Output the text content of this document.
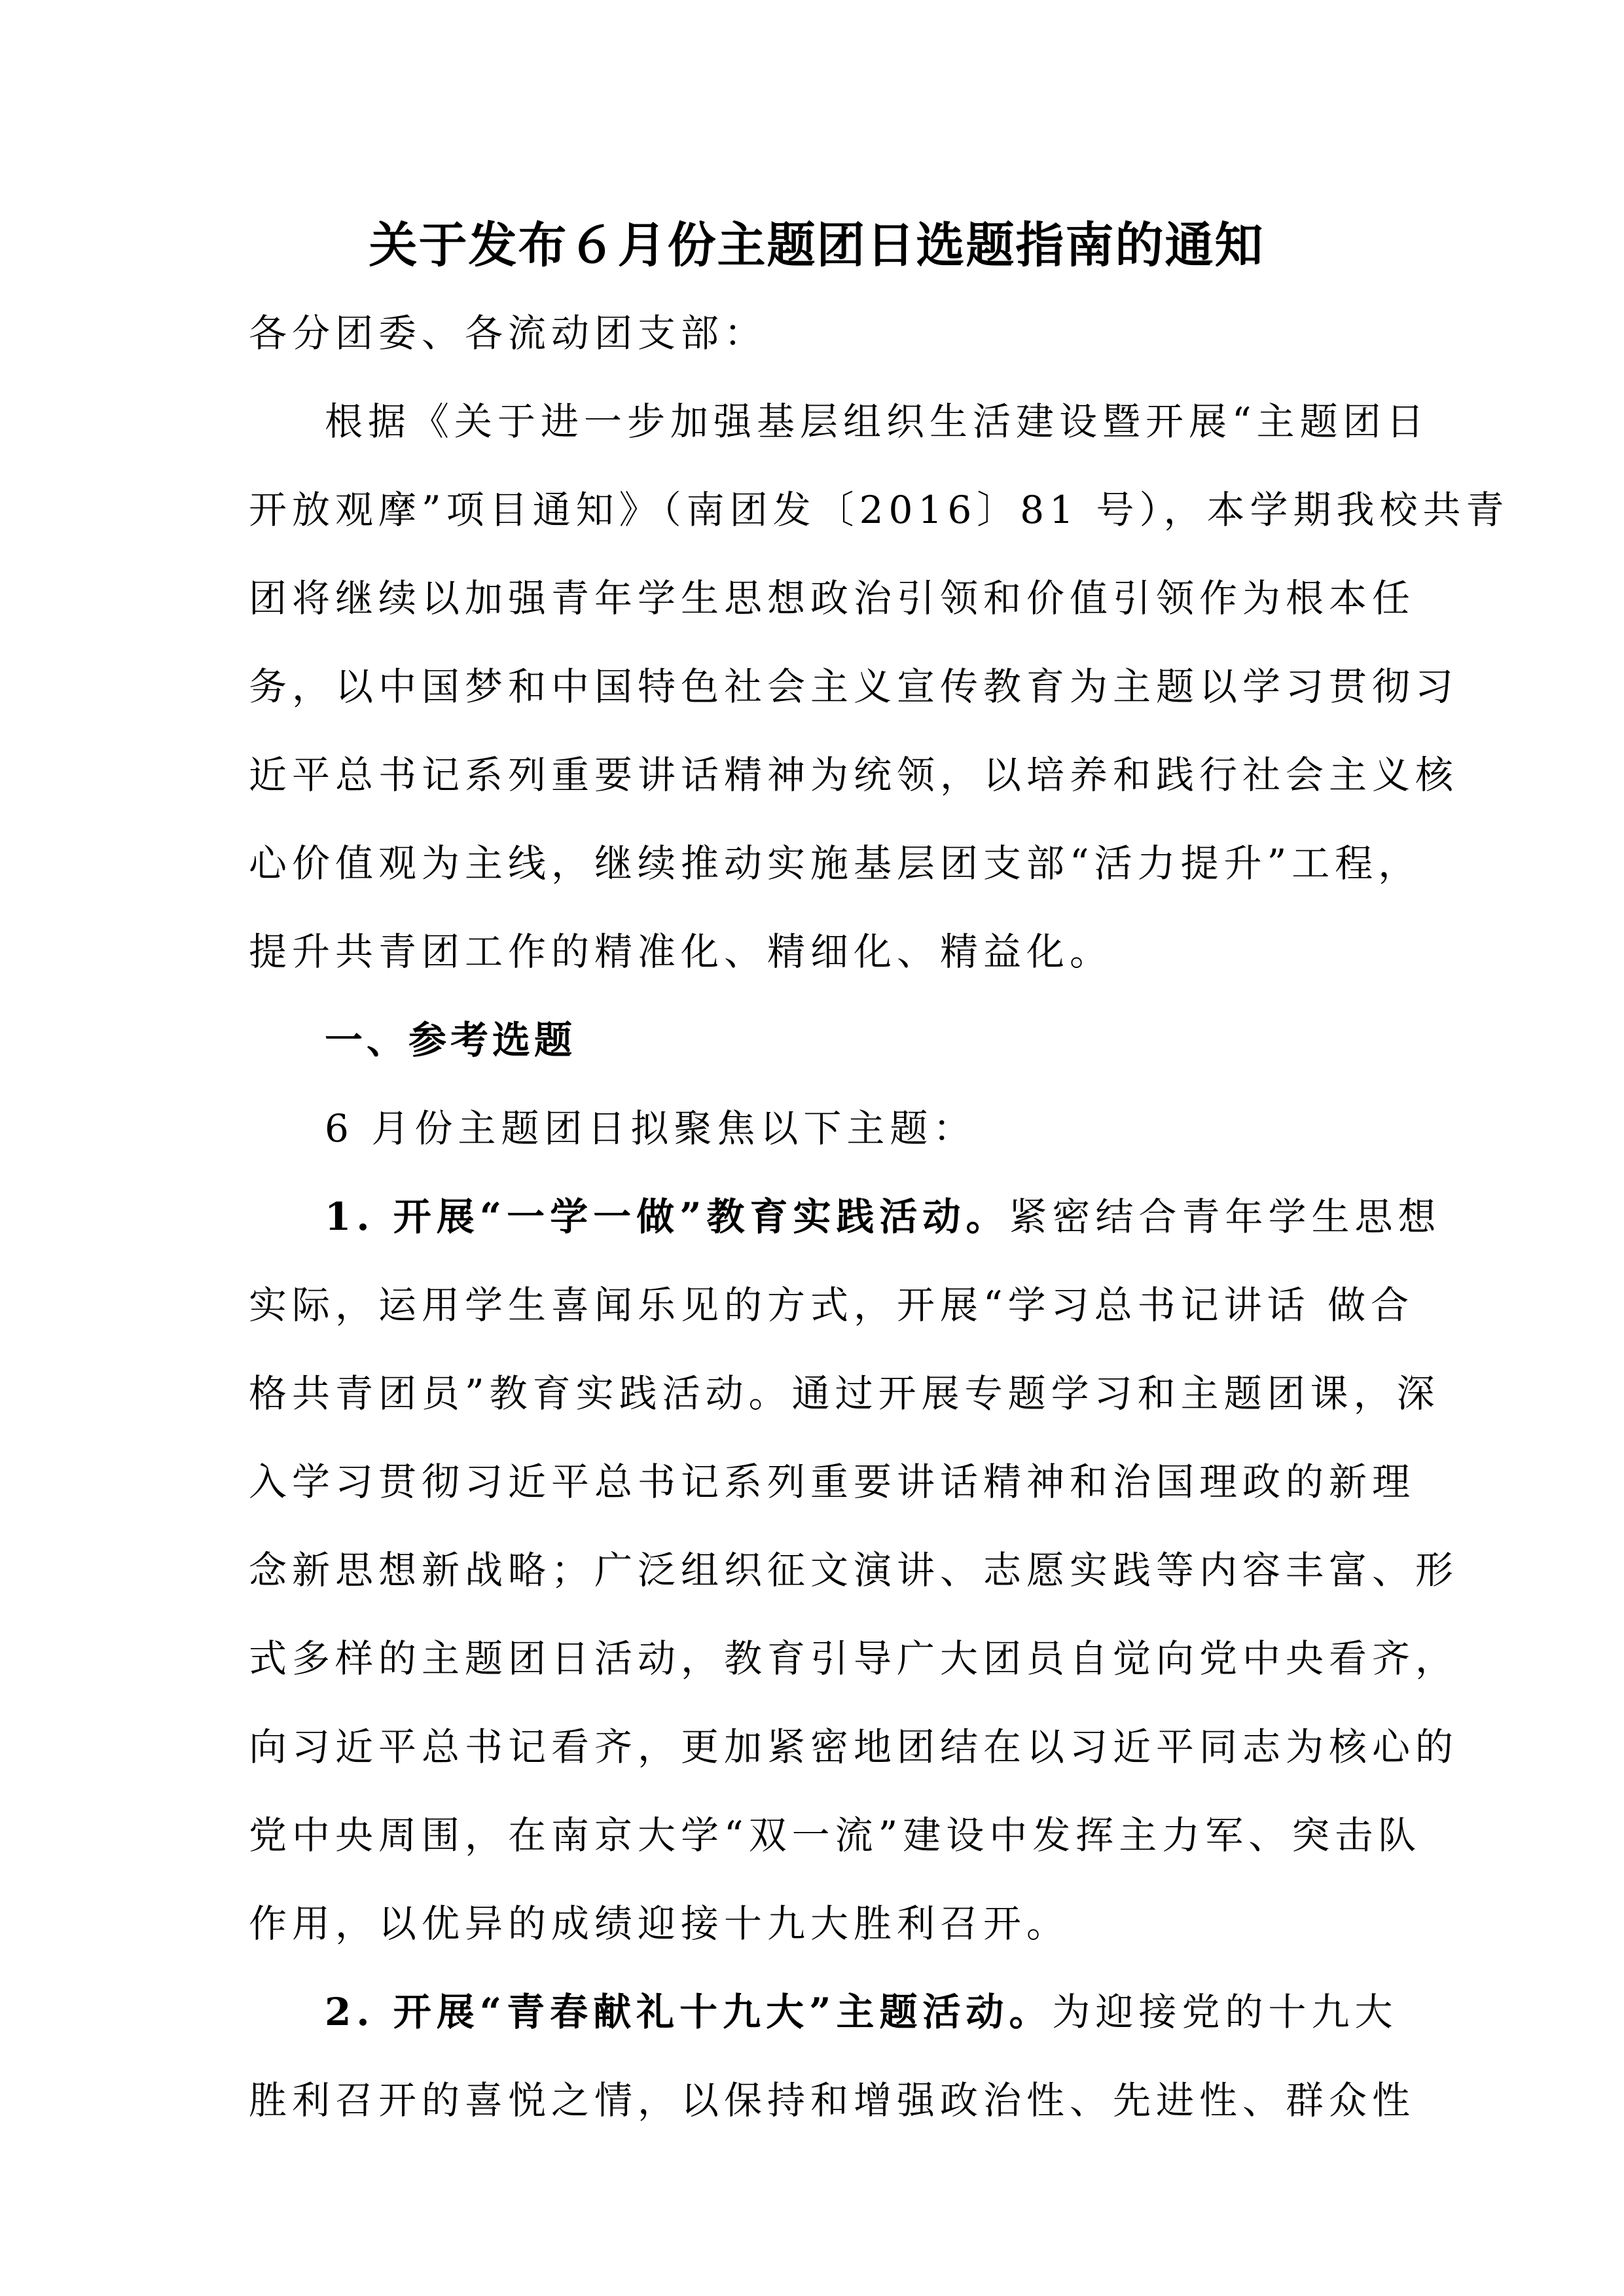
关于发布６月份主题团日选题指南的通知
各分团委、各流动团支部：
根据《关于进一步加强基层组织生活建设暨开展“主题团日
开放观摩”项目通知》（南团发〔2016〕81 号），本学期我校共青
团将继续以加强青年学生思想政治引领和价值引领作为根本任
务，以中国梦和中国特色社会主义宣传教育为主题以学习贯彻习
近平总书记系列重要讲话精神为统领，以培养和践行社会主义核
心价值观为主线，继续推动实施基层团支部“活力提升”工程，
提升共青团工作的精准化、精细化、精益化。
一、参考选题
6 月份主题团日拟聚焦以下主题：
1. 开展“一学一做”教育实践活动。紧密结合青年学生思想
实际，运用学生喜闻乐见的方式，开展“学习总书记讲话 做合
格共青团员”教育实践活动。通过开展专题学习和主题团课，深
入学习贯彻习近平总书记系列重要讲话精神和治国理政的新理
念新思想新战略；广泛组织征文演讲、志愿实践等内容丰富、形
式多样的主题团日活动，教育引导广大团员自觉向党中央看齐，
向习近平总书记看齐，更加紧密地团结在以习近平同志为核心的
党中央周围，在南京大学“双一流”建设中发挥主力军、突击队
作用，以优异的成绩迎接十九大胜利召开。
2. 开展“青春献礼十九大”主题活动。为迎接党的十九大
胜利召开的喜悦之情，以保持和增强政治性、先进性、群众性
